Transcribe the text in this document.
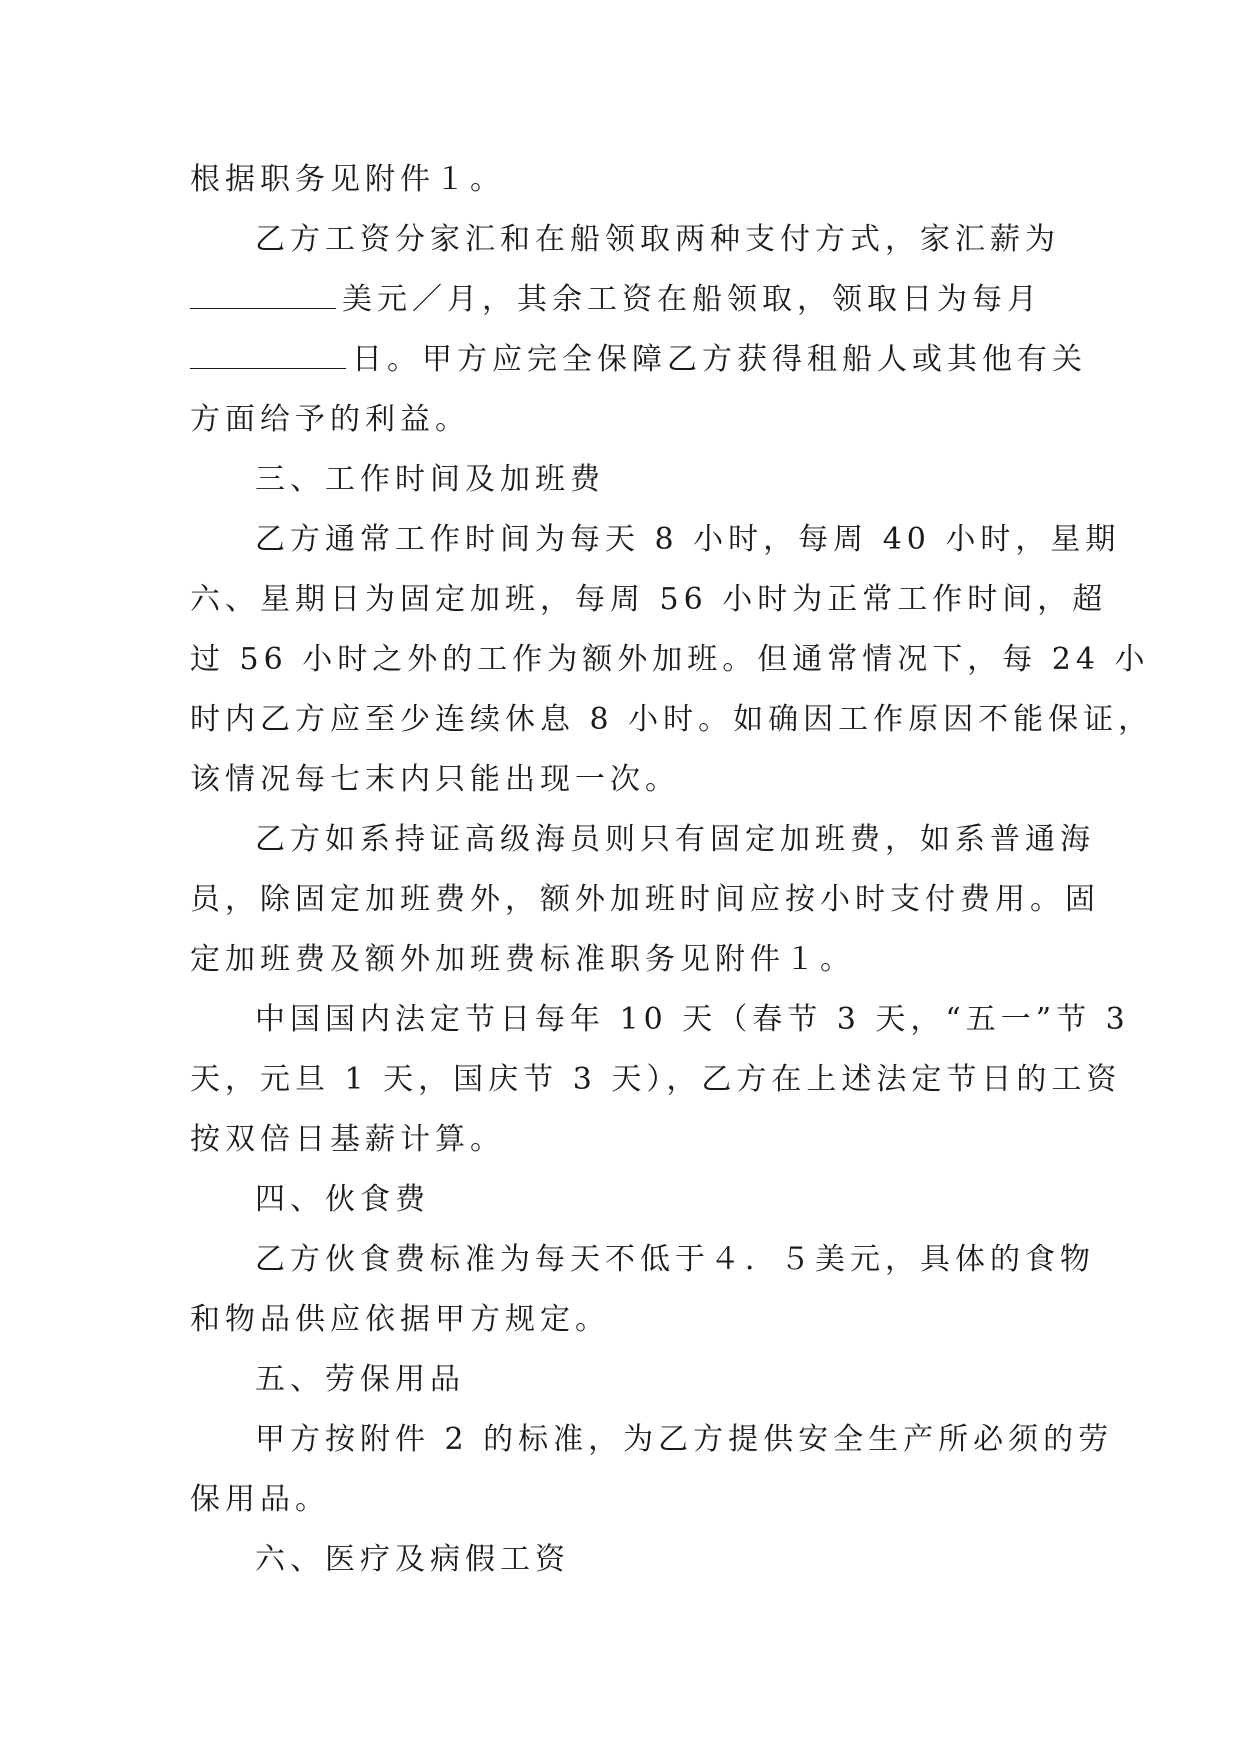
根据职务见附件１。
乙方工资分家汇和在船领取两种支付方式，家汇薪为
美元／月，其余工资在船领取，领取日为每月
日。甲方应完全保障乙方获得租船人或其他有关
方面给予的利益。
三、工作时间及加班费
乙方通常工作时间为每天 8 小时，每周 40 小时，星期
六、星期日为固定加班，每周 56 小时为正常工作时间，超
过 56 小时之外的工作为额外加班。但通常情况下，每 24 小
时内乙方应至少连续休息 8 小时。如确因工作原因不能保证，
该情况每七末内只能出现一次。
乙方如系持证高级海员则只有固定加班费，如系普通海
员，除固定加班费外，额外加班时间应按小时支付费用。固
定加班费及额外加班费标准职务见附件１。
中国国内法定节日每年 10 天（春节 3 天，“五一”节 3
天，元旦 1 天，国庆节 3 天），乙方在上述法定节日的工资
按双倍日基薪计算。
四、伙食费
乙方伙食费标准为每天不低于４．５美元，具体的食物
和物品供应依据甲方规定。
五、劳保用品
甲方按附件 2 的标准，为乙方提供安全生产所必须的劳
保用品。
六、医疗及病假工资
